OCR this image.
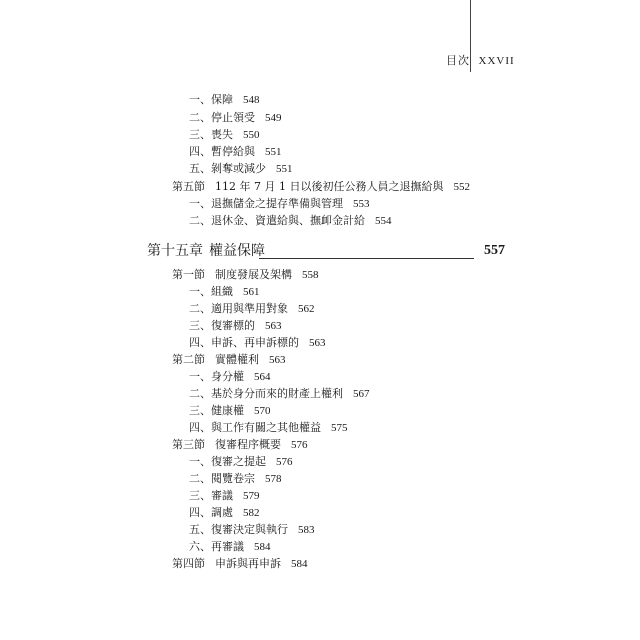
目次 XXVII
一、保障 548
二、停止領受 549
三、喪失 550
四、暫停給與 551
五、剝奪或減少 551
第五節 112 年 7 月 1 日以後初任公務人員之退撫給與 552
一、退撫儲金之提存準備與管理 553
二、退休金、資遣給與、撫卹金計給 554
第十五章 權益保障	557
第一節 制度發展及架構 558
一、組織 561
二、適用與準用對象 562
三、復審標的 563
四、申訴、再申訴標的 563
第二節 實體權利 563
一、身分權 564
二、基於身分而來的財產上權利 567
三、健康權 570
四、與工作有關之其他權益 575
第三節 復審程序概要 576
一、復審之提起 576
二、閱覽卷宗 578
三、審議 579
四、調處 582
五、復審決定與執行 583
六、再審議 584
第四節 申訴與再申訴 584
